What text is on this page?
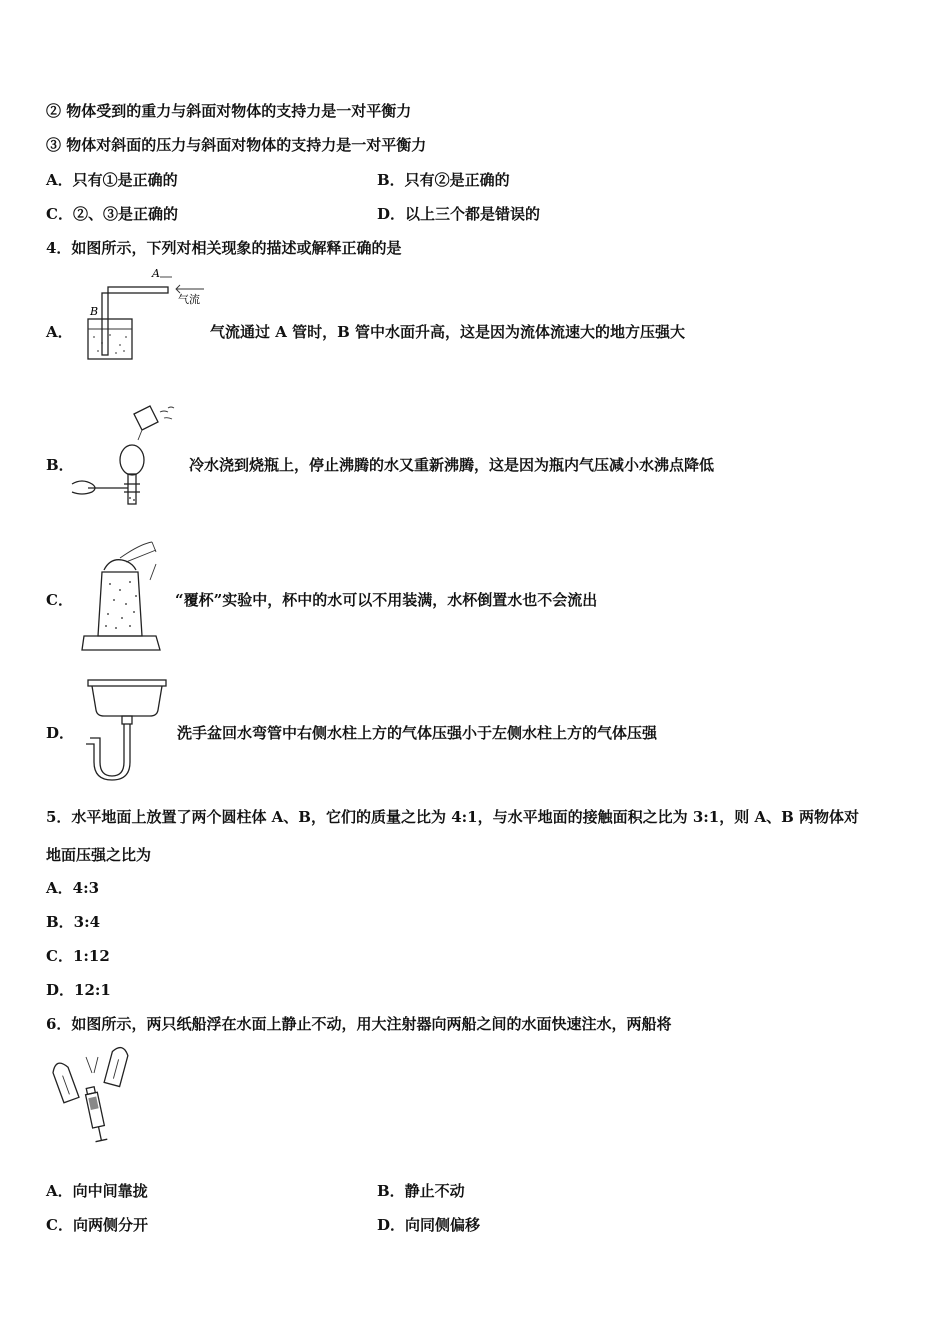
② 物体受到的重力与斜面对物体的支持力是一对平衡力
③ 物体对斜面的压力与斜面对物体的支持力是一对平衡力
A．只有①是正确的	B．只有②是正确的
C．②、③是正确的	D．以上三个都是错误的
4．如图所示，下列对相关现象的描述或解释正确的是
A．
A
B
气流
气流通过 A 管时，B 管中水面升高，这是因为流体流速大的地方压强大
B．	冷水浇到烧瓶上，停止沸腾的水又重新沸腾，这是因为瓶内气压减小水沸点降低
C．	“覆杯”实验中，杯中的水可以不用装满，水杯倒置水也不会流出
D．	洗手盆回水弯管中右侧水柱上方的气体压强小于左侧水柱上方的气体压强
5．水平地面上放置了两个圆柱体 A、B，它们的质量之比为 4:1，与水平地面的接触面积之比为 3:1，则 A、B 两物体对
地面压强之比为
A．4:3
B．3:4
C．1:12
D．12:1
6．如图所示，两只纸船浮在水面上静止不动，用大注射器向两船之间的水面快速注水，两船将
A．向中间靠拢	B．静止不动
C．向两侧分开	D．向同侧偏移
